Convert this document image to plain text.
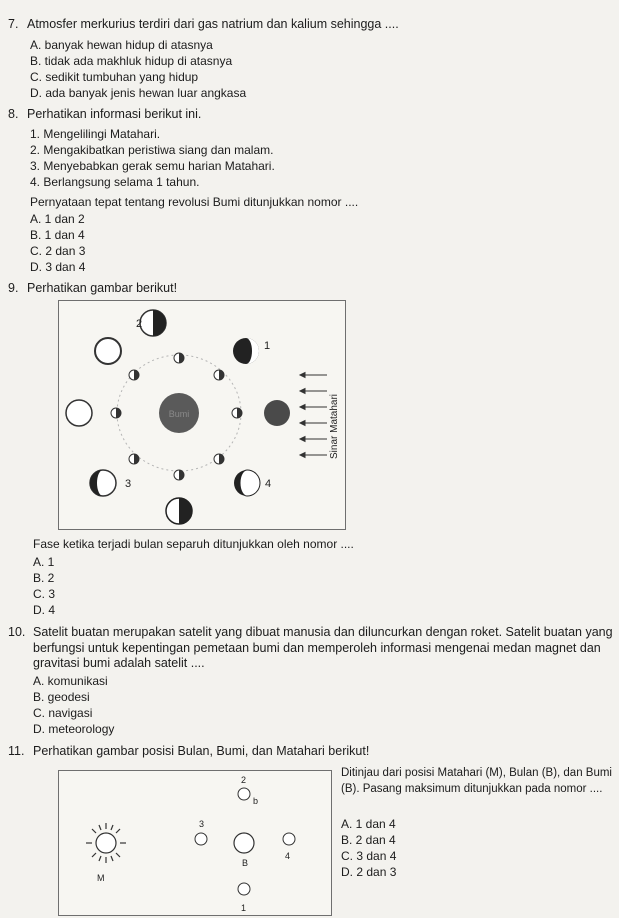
7. Atmosfer merkurius terdiri dari gas natrium dan kalium sehingga ....
A. banyak hewan hidup di atasnya
B. tidak ada makhluk hidup di atasnya
C. sedikit tumbuhan yang hidup
D. ada banyak jenis hewan luar angkasa
8. Perhatikan informasi berikut ini.
1. Mengelilingi Matahari.
2. Mengakibatkan peristiwa siang dan malam.
3. Menyebabkan gerak semu harian Matahari.
4. Berlangsung selama 1 tahun.
Pernyataan tepat tentang revolusi Bumi ditunjukkan nomor ....
A. 1 dan 2
B. 1 dan 4
C. 2 dan 3
D. 3 dan 4
9. Perhatikan gambar berikut!
Bumi
2
1
3	4
Sinar Matahari
Fase ketika terjadi bulan separuh ditunjukkan oleh nomor ....
A. 1
B. 2
C. 3
D. 4
10. Satelit buatan merupakan satelit yang dibuat manusia dan diluncurkan dengan roket. Satelit buatan yang berfungsi untuk kepentingan pemetaan bumi dan memperoleh informasi mengenai medan magnet dan gravitasi bumi adalah satelit ....
A. komunikasi
B. geodesi
C. navigasi
D. meteorology
11. Perhatikan gambar posisi Bulan, Bumi, dan Matahari berikut!
M
B
2
b
3
4
1
Ditinjau dari posisi Matahari (M), Bulan (B), dan Bumi (B). Pasang maksimum ditunjukkan pada nomor ....
A. 1 dan 4
B. 2 dan 4
C. 3 dan 4
D. 2 dan 3
